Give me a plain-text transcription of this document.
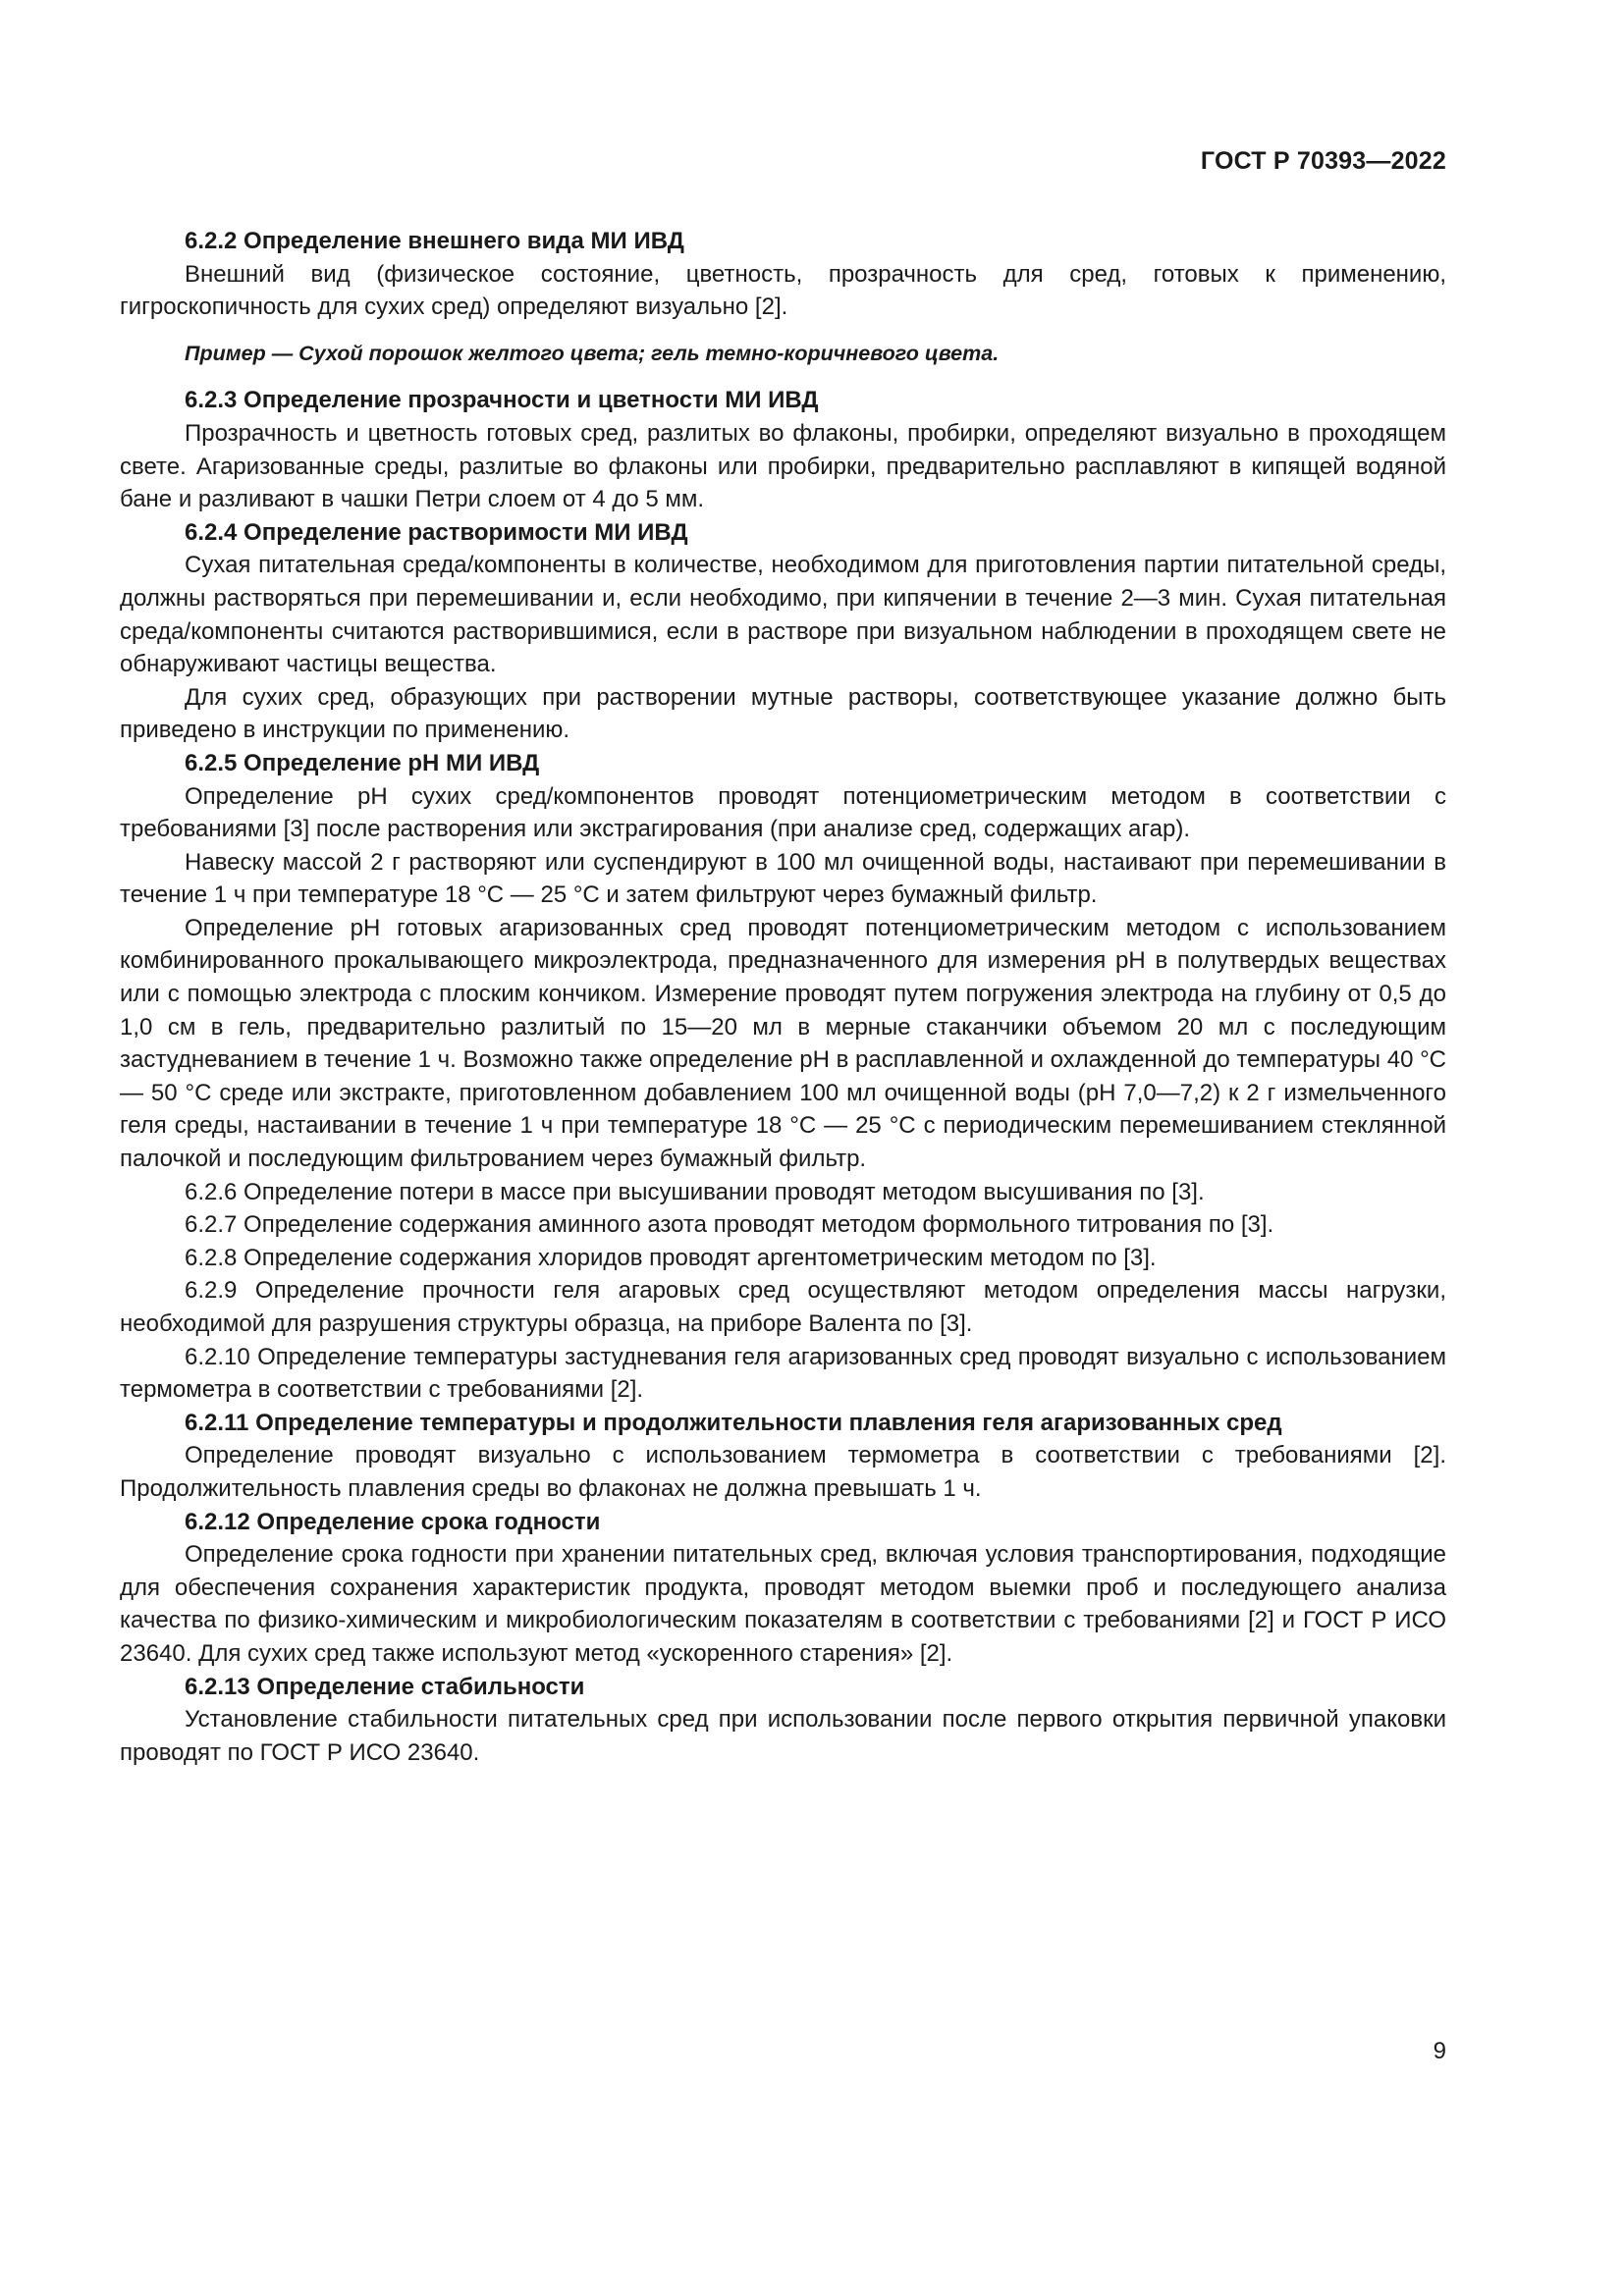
ГОСТ Р 70393—2022

6.2.2 Определение внешнего вида МИ ИВД

Внешний вид (физическое состояние, цветность, прозрачность для сред, готовых к применению, гигроскопичность для сухих сред) определяют визуально [2].

Пример — Сухой порошок желтого цвета; гель темно-коричневого цвета.

6.2.3 Определение прозрачности и цветности МИ ИВД

Прозрачность и цветность готовых сред, разлитых во флаконы, пробирки, определяют визуально в проходящем свете. Агаризованные среды, разлитые во флаконы или пробирки, предварительно расплавляют в кипящей водяной бане и разливают в чашки Петри слоем от 4 до 5 мм.

6.2.4 Определение растворимости МИ ИВД

Сухая питательная среда/компоненты в количестве, необходимом для приготовления партии питательной среды, должны растворяться при перемешивании и, если необходимо, при кипячении в течение 2—3 мин. Сухая питательная среда/компоненты считаются растворившимися, если в растворе при визуальном наблюдении в проходящем свете не обнаруживают частицы вещества.

Для сухих сред, образующих при растворении мутные растворы, соответствующее указание должно быть приведено в инструкции по применению.

6.2.5 Определение pH МИ ИВД

Определение pH сухих сред/компонентов проводят потенциометрическим методом в соответствии с требованиями [3] после растворения или экстрагирования (при анализе сред, содержащих агар).

Навеску массой 2 г растворяют или суспендируют в 100 мл очищенной воды, настаивают при перемешивании в течение 1 ч при температуре 18 °С — 25 °С и затем фильтруют через бумажный фильтр.

Определение pH готовых агаризованных сред проводят потенциометрическим методом с использованием комбинированного прокалывающего микроэлектрода, предназначенного для измерения pH в полутвердых веществах или с помощью электрода с плоским кончиком. Измерение проводят путем погружения электрода на глубину от 0,5 до 1,0 см в гель, предварительно разлитый по 15—20 мл в мерные стаканчики объемом 20 мл с последующим застудневанием в течение 1 ч. Возможно также определение pH в расплавленной и охлажденной до температуры 40 °С — 50 °С среде или экстракте, приготовленном добавлением 100 мл очищенной воды (pH 7,0—7,2) к 2 г измельченного геля среды, настаивании в течение 1 ч при температуре 18 °С — 25 °С с периодическим перемешиванием стеклянной палочкой и последующим фильтрованием через бумажный фильтр.

6.2.6 Определение потери в массе при высушивании проводят методом высушивания по [3].

6.2.7 Определение содержания аминного азота проводят методом формольного титрования по [3].

6.2.8 Определение содержания хлоридов проводят аргентометрическим методом по [3].

6.2.9 Определение прочности геля агаровых сред осуществляют методом определения массы нагрузки, необходимой для разрушения структуры образца, на приборе Валента по [3].

6.2.10 Определение температуры застудневания геля агаризованных сред проводят визуально с использованием термометра в соответствии с требованиями [2].

6.2.11 Определение температуры и продолжительности плавления геля агаризованных сред

Определение проводят визуально с использованием термометра в соответствии с требованиями [2]. Продолжительность плавления среды во флаконах не должна превышать 1 ч.

6.2.12 Определение срока годности

Определение срока годности при хранении питательных сред, включая условия транспортирования, подходящие для обеспечения сохранения характеристик продукта, проводят методом выемки проб и последующего анализа качества по физико-химическим и микробиологическим показателям в соответствии с требованиями [2] и ГОСТ Р ИСО 23640. Для сухих сред также используют метод «ускоренного старения» [2].

6.2.13 Определение стабильности

Установление стабильности питательных сред при использовании после первого открытия первичной упаковки проводят по ГОСТ Р ИСО 23640.

9
